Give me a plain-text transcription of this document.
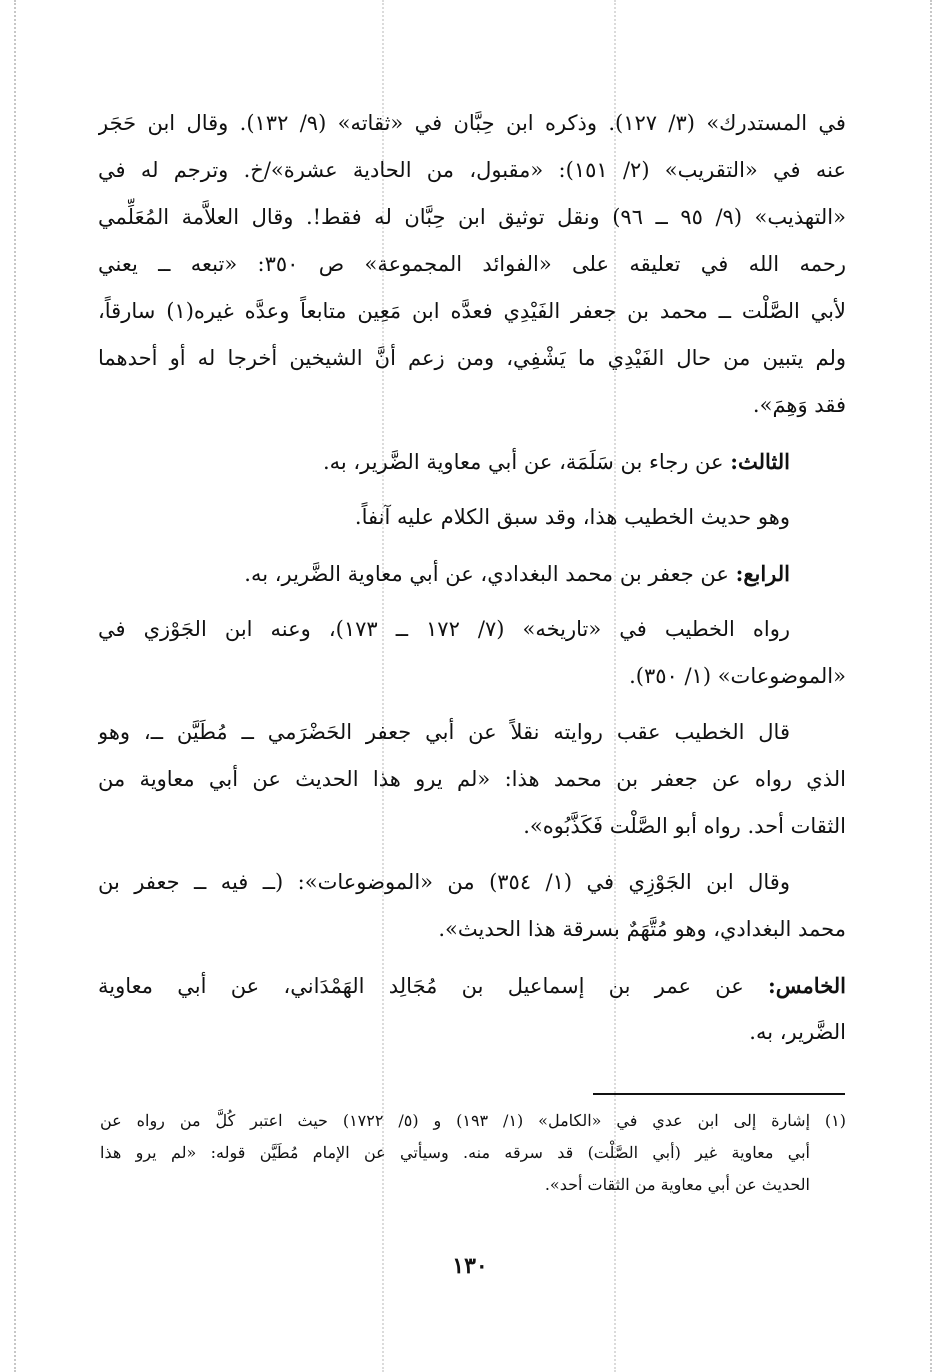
في المستدرك» (٣/ ١٢٧). وذكره ابن حِبَّان في «ثقاته» (٩/ ١٣٢). وقال ابن حَجَر
عنه في «التقريب» (٢/ ١٥١): «مقبول، من الحادية عشرة»/خ. وترجم له في
«التهذيب» (٩/ ٩٥ ــ ٩٦) ونقل توثيق ابن حِبَّان له فقط!. وقال العلاَّمة المُعَلِّمي
رحمه الله في تعليقه على «الفوائد المجموعة» ص ٣٥٠: «تبعه ــ يعني
لأبي الصَّلْت ــ محمد بن جعفر الفَيْدِي فعدَّه ابن مَعِين متابعاً وعدَّه غيره(١) سارقاً،
ولم يتبين من حال الفَيْدِي ما يَشْفِي، ومن زعم أنَّ الشيخين أخرجا له أو أحدهما
فقد وَهِمَ».
الثالث: عن رجاء بن سَلَمَة، عن أبي معاوية الضَّرير، به.
وهو حديث الخطيب هذا، وقد سبق الكلام عليه آنفاً.
الرابع: عن جعفر بن محمد البغدادي، عن أبي معاوية الضَّرير، به.
رواه الخطيب في «تاريخه» (٧/ ١٧٢ ــ ١٧٣)، وعنه ابن الجَوْزي في
«الموضوعات» (١/ ٣٥٠).
قال الخطيب عقب روايته نقلاً عن أبي جعفر الحَضْرَمي ــ مُطَيَّن ــ، وهو
الذي رواه عن جعفر بن محمد هذا: «لم يرو هذا الحديث عن أبي معاوية من
الثقات أحد. رواه أبو الصَّلْت فَكَذَّبُوه».
وقال ابن الجَوْزِي في (١/ ٣٥٤) من «الموضوعات»: (ــ فيه ــ جعفر بن
محمد البغدادي، وهو مُتَّهَمٌ بسرقة هذا الحديث».
الخامس: عن عمر بن إسماعيل بن مُجَالِد الهَمْدَاني، عن أبي معاوية
الضَّرير، به.
(١) إشارة إلى ابن عدي في «الكامل» (١/ ١٩٣) و (٥/ ١٧٢٢) حيث اعتبر كُلَّ من رواه عن
أبي معاوية غير (أبي الصَّلْت) قد سرقه منه. وسيأتي عن الإمام مُطَيَّن قوله: «لم يرو هذا
الحديث عن أبي معاوية من الثقات أحد».
١٣٠
